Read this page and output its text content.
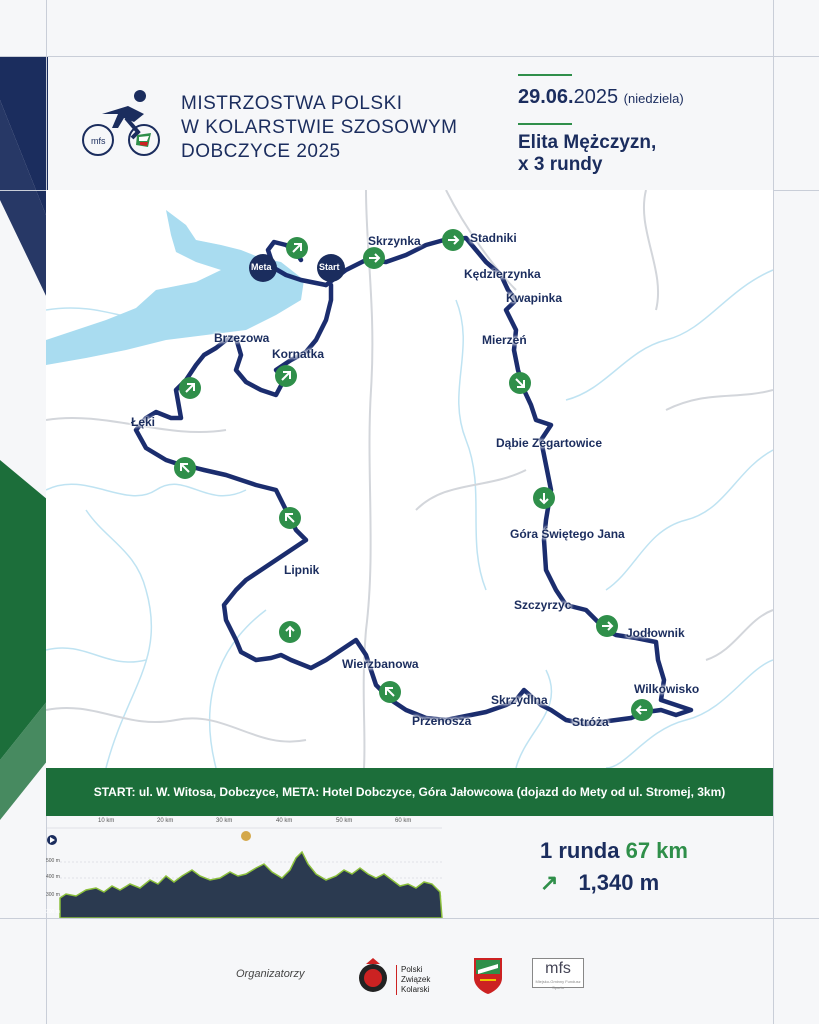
mfs
MISTRZOSTWA POLSKI
W KOLARSTWIE SZOSOWYM
DOBCZYCE 2025
29.06.2025 (niedziela)
Elita Mężczyzn,
x 3 rundy
Meta	Start
Skrzynka	Stadniki
Kędzierzynka
Kwapinka
Mierzeń
Dąbie Zegartowice
Góra Świętego Jana
Szczyrzyc
Jodłownik
Wilkowisko
Stróża
Skrzydlna
Przenosza
Wierzbanowa
Lipnik
Łęki
Brzezowa
Kornatka
START: ul. W. Witosa, Dobczyce, META: Hotel Dobczyce, Góra Jałowcowa (dojazd do Mety od ul. Stromej, 3km)
10 km	20 km	30 km	40 km	50 km	60 km
500 m
400 m
300 m
200 m
1 runda 67 km
↗ 1,340 m
Organizatorzy	Polski Związek
Kolarski
mfs
Miejsko-Gminny Fundusz Sportu
